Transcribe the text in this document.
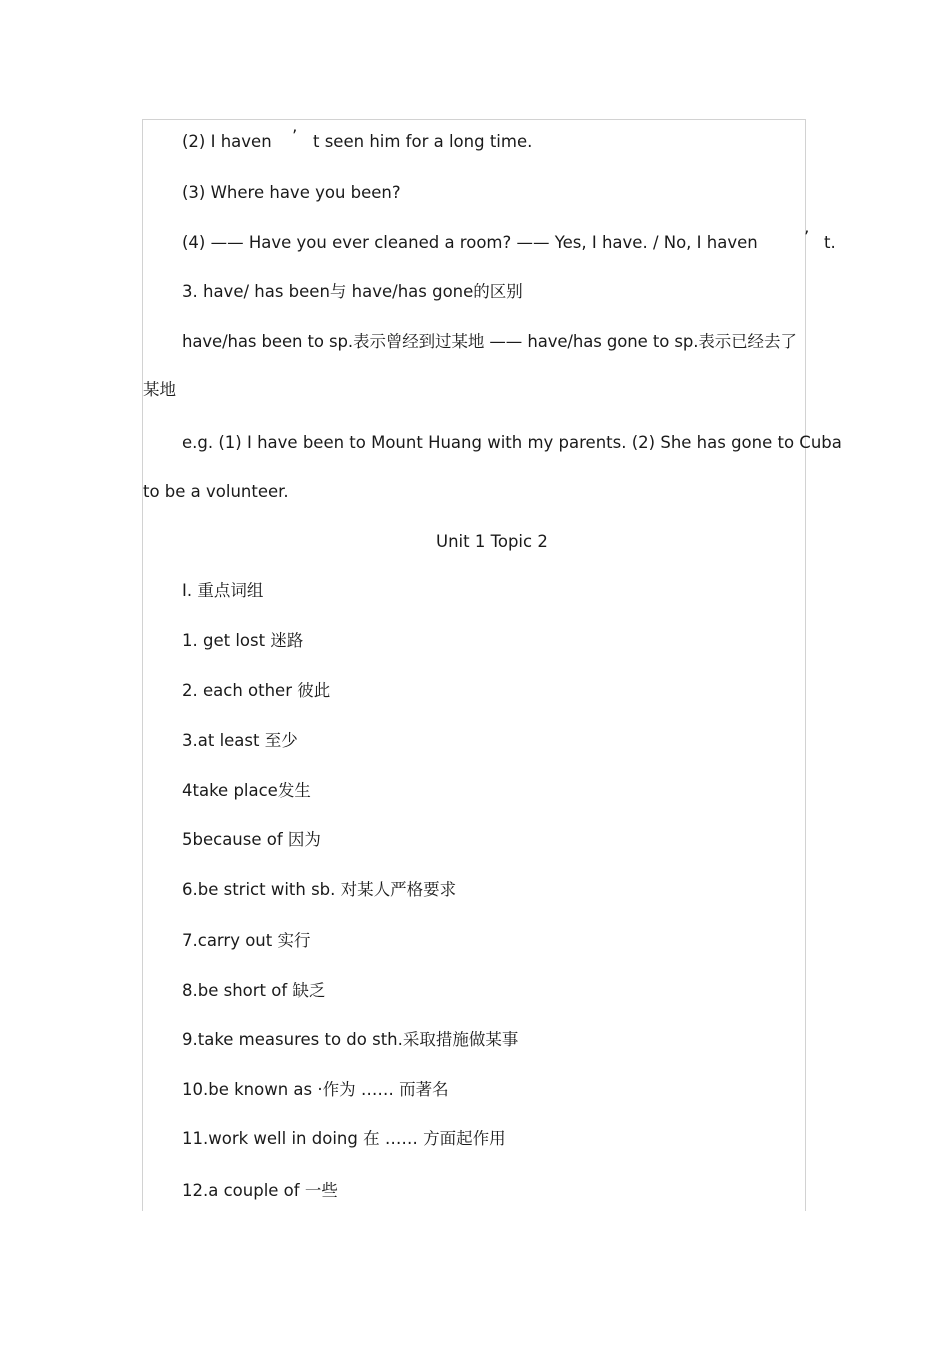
(2) I haven ’ t seen him for a long time.
(3) Where have you been?
(4) —— Have you ever cleaned a room? —— Yes, I have. / No, I haven	’ t.
3. have/ has been与 have/has gone的区别
have/has been to sp.表示曾经到过某地 —— have/has gone to sp.表示已经去了
某地
e.g. (1) I have been to Mount Huang with my parents. (2) She has gone to Cuba
to be a volunteer.
Unit 1 Topic 2
I. 重点词组
1. get lost 迷路
2. each other 彼此
3.at least 至少
4take place发生
5because of 因为
6.be strict with sb. 对某人严格要求
7.carry out 实行
8.be short of 缺乏
9.take measures to do sth.采取措施做某事
10.be known as ·作为 …… 而著名
11.work well in doing 在 …… 方面起作用
12.a couple of 一些
